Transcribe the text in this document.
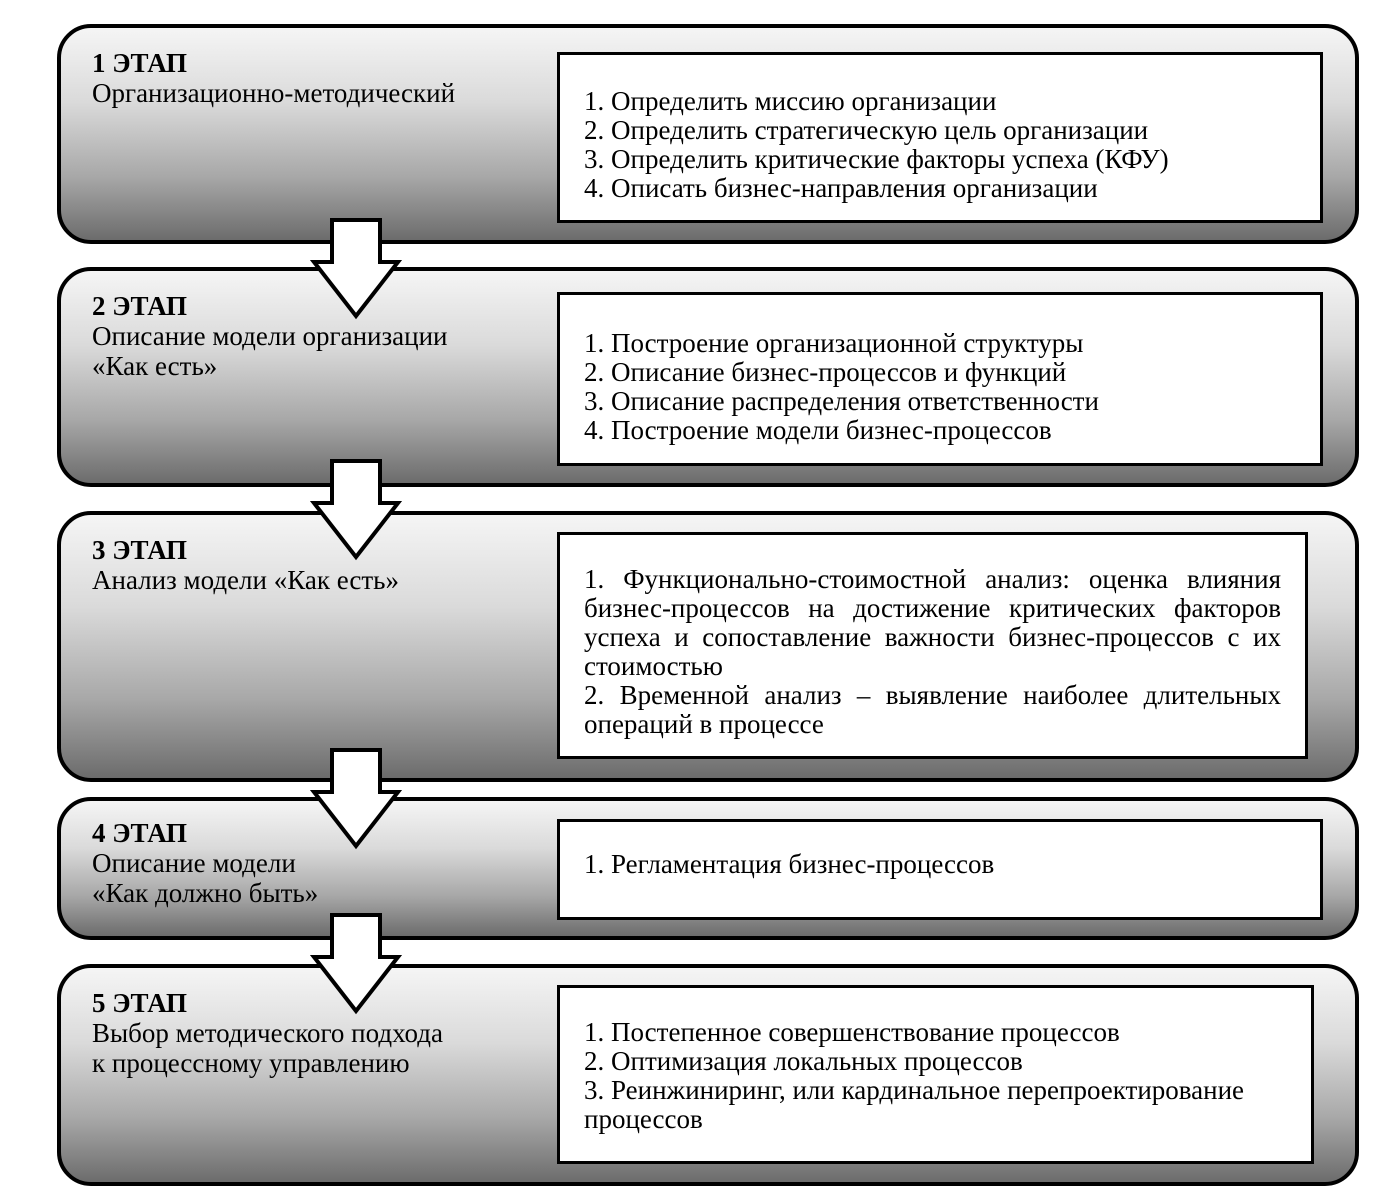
1 ЭТАП
Организационно-методический	1. Определить миссию организации
2. Определить стратегическую цель организации
3. Определить критические факторы успеха (КФУ)
4. Описать бизнес-направления организации
2 ЭТАП
Описание модели организации
«Как есть»
1. Построение организационной структуры
2. Описание бизнес-процессов и функций
3. Описание распределения ответственности
4. Построение модели бизнес-процессов
3 ЭТАП
Анализ модели «Как есть»	1. Функционально-стоимостной анализ: оценка влияния бизнес-процессов на достижение критических факторов успеха и сопоставление важности бизнес-процессов с их стоимостью
2. Временной анализ – выявление наиболее длительных операций в процессе
4 ЭТАП
Описание модели
«Как должно быть»
1. Регламентация бизнес-процессов
5 ЭТАП
Выбор методического подхода
к процессному управлению
1. Постепенное совершенствование процессов
2. Оптимизация локальных процессов
3. Реинжиниринг, или кардинальное перепроектирование процессов
